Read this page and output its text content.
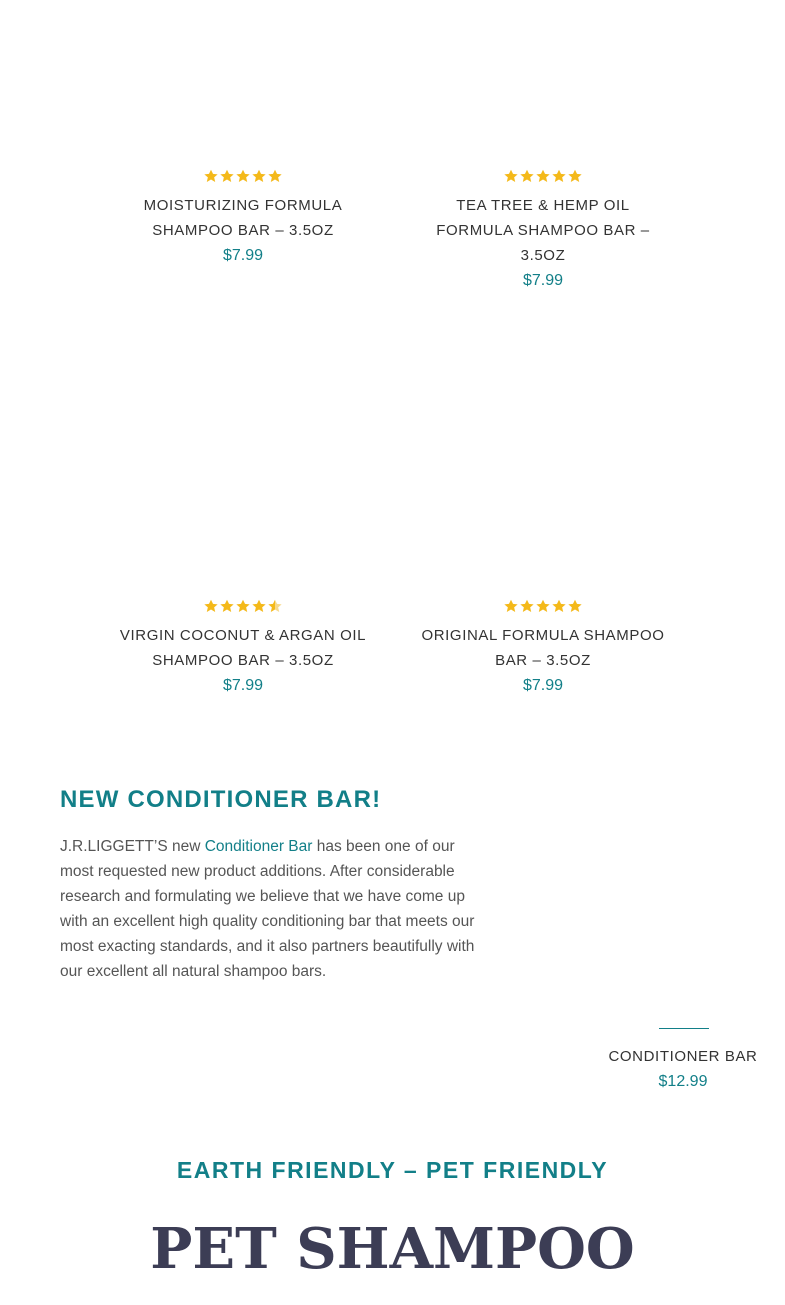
MOISTURIZING FORMULA
SHAMPOO BAR – 3.5OZ
$7.99
TEA TREE & HEMP OIL
FORMULA SHAMPOO BAR –
3.5OZ
$7.99
VIRGIN COCONUT & ARGAN OIL
SHAMPOO BAR – 3.5OZ
$7.99
ORIGINAL FORMULA SHAMPOO
BAR – 3.5OZ
$7.99
NEW CONDITIONER BAR!

J.R.LIGGETT’S new Conditioner Bar has been one of our most requested new product additions. After considerable research and formulating we believe that we have come up with an excellent high quality conditioning bar that meets our most exacting standards, and it also partners beautifully with our excellent all natural shampoo bars.

CONDITIONER BAR
$12.99
EARTH FRIENDLY – PET FRIENDLY
PET SHAMPOO
